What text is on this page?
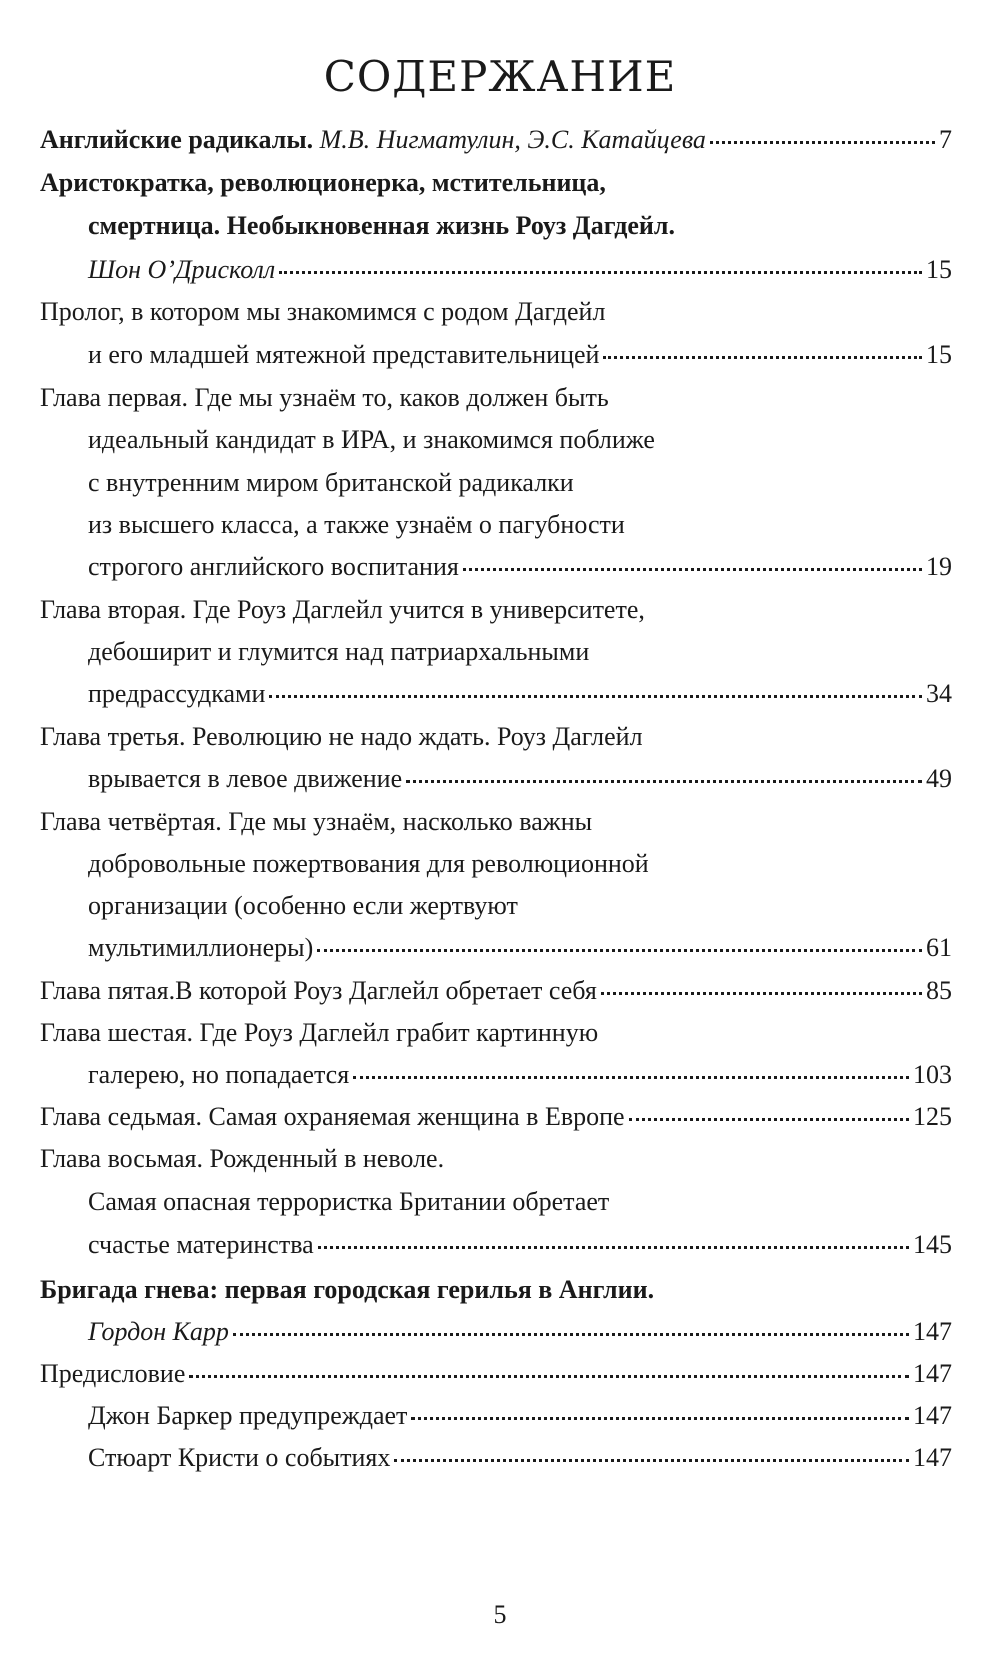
СОДЕРЖАНИЕ
Английские радикалы. М.В. Нигматулин, Э.С. Катайцева	7
Аристократка, революционерка, мстительница,
смертница. Необыкновенная жизнь Роуз Дагдейл.
Шон О’Дрисколл	15
Пролог, в котором мы знакомимся с родом Дагдейл
и его младшей мятежной представительницей	15
Глава первая. Где мы узнаём то, каков должен быть
идеальный кандидат в ИРА, и знакомимся поближе
с внутренним миром британской радикалки
из высшего класса, а также узнаём о пагубности
строгого английского воспитания	19
Глава вторая. Где Роуз Даглейл учится в университете,
дебоширит и глумится над патриархальными
предрассудками	34
Глава третья. Революцию не надо ждать. Роуз Даглейл
врывается в левое движение	49
Глава четвёртая. Где мы узнаём, насколько важны
добровольные пожертвования для революционной
организации (особенно если жертвуют
мультимиллионеры)	61
Глава пятая.В которой Роуз Даглейл обретает себя	85
Глава шестая. Где Роуз Даглейл грабит картинную
галерею, но попадается	103
Глава седьмая. Самая охраняемая женщина в Европе	125
Глава восьмая. Рожденный в неволе.
Самая опасная террористка Британии обретает
счастье материнства	145
Бригада гнева: первая городская герилья в Англии.
Гордон Карр	147
Предисловие	147
Джон Баркер предупреждает	147
Стюарт Кристи о событиях	147
5
